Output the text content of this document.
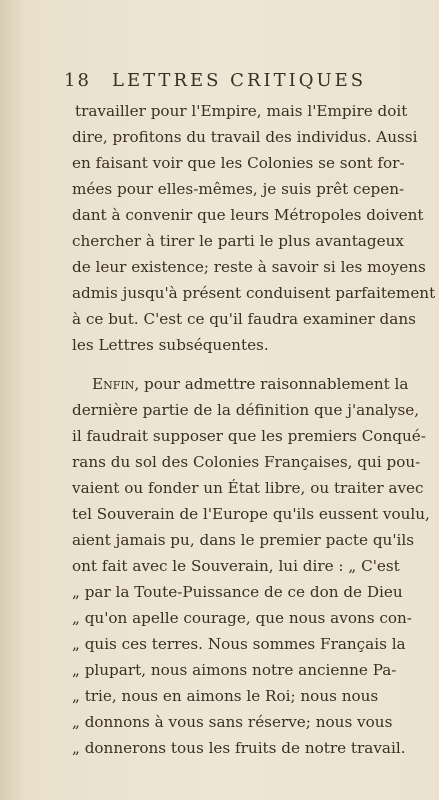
18 LETTRES CRITIQUES
travailler pour l'Empire, mais l'Empire doit
dire, profitons du travail des individus. Aussi
en faisant voir que les Colonies se sont for-
mées pour elles-mêmes, je suis prêt cepen-
dant à convenir que leurs Métropoles doivent
chercher à tirer le parti le plus avantageux
de leur existence; reste à savoir si les moyens
admis jusqu'à présent conduisent parfaitement
à ce but. C'est ce qu'il faudra examiner dans
les Lettres subséquentes.
Enfin, pour admettre raisonnablement la
dernière partie de la définition que j'analyse,
il faudrait supposer que les premiers Conqué-
rans du sol des Colonies Françaises, qui pou-
vaient ou fonder un État libre, ou traiter avec
tel Souverain de l'Europe qu'ils eussent voulu,
aient jamais pu, dans le premier pacte qu'ils
ont fait avec le Souverain, lui dire : „ C'est
„ par la Toute-Puissance de ce don de Dieu
„ qu'on apelle courage, que nous avons con-
„ quis ces terres. Nous sommes Français la
„ plupart, nous aimons notre ancienne Pa-
„ trie, nous en aimons le Roi; nous nous
„ donnons à vous sans réserve; nous vous
„ donnerons tous les fruits de notre travail.
